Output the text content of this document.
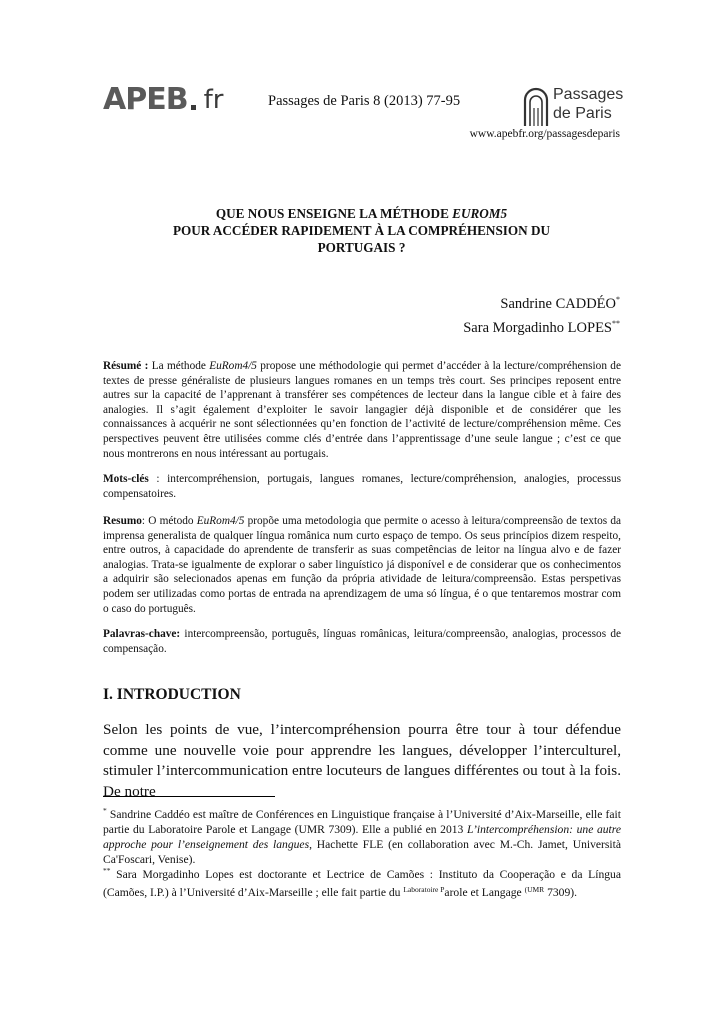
APEB fr	Passages de Paris 8 (2013) 77-95	Passages
de Paris
www.apebfr.org/passagesdeparis
QUE NOUS ENSEIGNE LA MÉTHODE EUROM5
POUR ACCÉDER RAPIDEMENT À LA COMPRÉHENSION DU
PORTUGAIS ?
Sandrine CADDÉO*
Sara Morgadinho LOPES**
Résumé : La méthode EuRom4/5 propose une méthodologie qui permet d’accéder à la lecture/compréhension de textes de presse généraliste de plusieurs langues romanes en un temps très court. Ses principes reposent entre autres sur la capacité de l’apprenant à transférer ses compétences de lecteur dans la langue cible et à faire des analogies. Il s’agit également d’exploiter le savoir langagier déjà disponible et de considérer que les connaissances à acquérir ne sont sélectionnées qu’en fonction de l’activité de lecture/compréhension même. Ces perspectives peuvent être utilisées comme clés d’entrée dans l’apprentissage d’une seule langue ; c’est ce que nous montrerons en nous intéressant au portugais.
Mots-clés : intercompréhension, portugais, langues romanes, lecture/compréhension, analogies, processus compensatoires.
Resumo: O método EuRom4/5 propõe uma metodologia que permite o acesso à leitura/compreensão de textos da imprensa generalista de qualquer língua românica num curto espaço de tempo. Os seus princípios dizem respeito, entre outros, à capacidade do aprendente de transferir as suas competências de leitor na língua alvo e de fazer analogias. Trata-se igualmente de explorar o saber linguístico já disponível e de considerar que os conhecimentos a adquirir são selecionados apenas em função da própria atividade de leitura/compreensão. Estas perspetivas podem ser utilizadas como portas de entrada na aprendizagem de uma só língua, é o que tentaremos mostrar com o caso do português.
Palavras-chave: intercompreensão, português, línguas românicas, leitura/compreensão, analogias, processos de compensação.
I. INTRODUCTION
Selon les points de vue, l’intercompréhension pourra être tour à tour défendue comme une nouvelle voie pour apprendre les langues, développer l’interculturel, stimuler l’intercommunication entre locuteurs de langues différentes ou tout à la fois. De notre
* Sandrine Caddéo est maître de Conférences en Linguistique française à l’Université d’Aix-Marseille, elle fait partie du Laboratoire Parole et Langage (UMR 7309). Elle a publié en 2013 L’intercompréhension: une autre approche pour l’enseignement des langues, Hachette FLE (en collaboration avec M.-Ch. Jamet, Università Ca'Foscari, Venise).
** Sara Morgadinho Lopes est doctorante et Lectrice de Camões : Instituto da Cooperação e da Língua (Camões, I.P.) à l’Université d’Aix-Marseille ; elle fait partie du $^{Laboratoire P}$arole et Langage $^{(UMR}$ 7309).
